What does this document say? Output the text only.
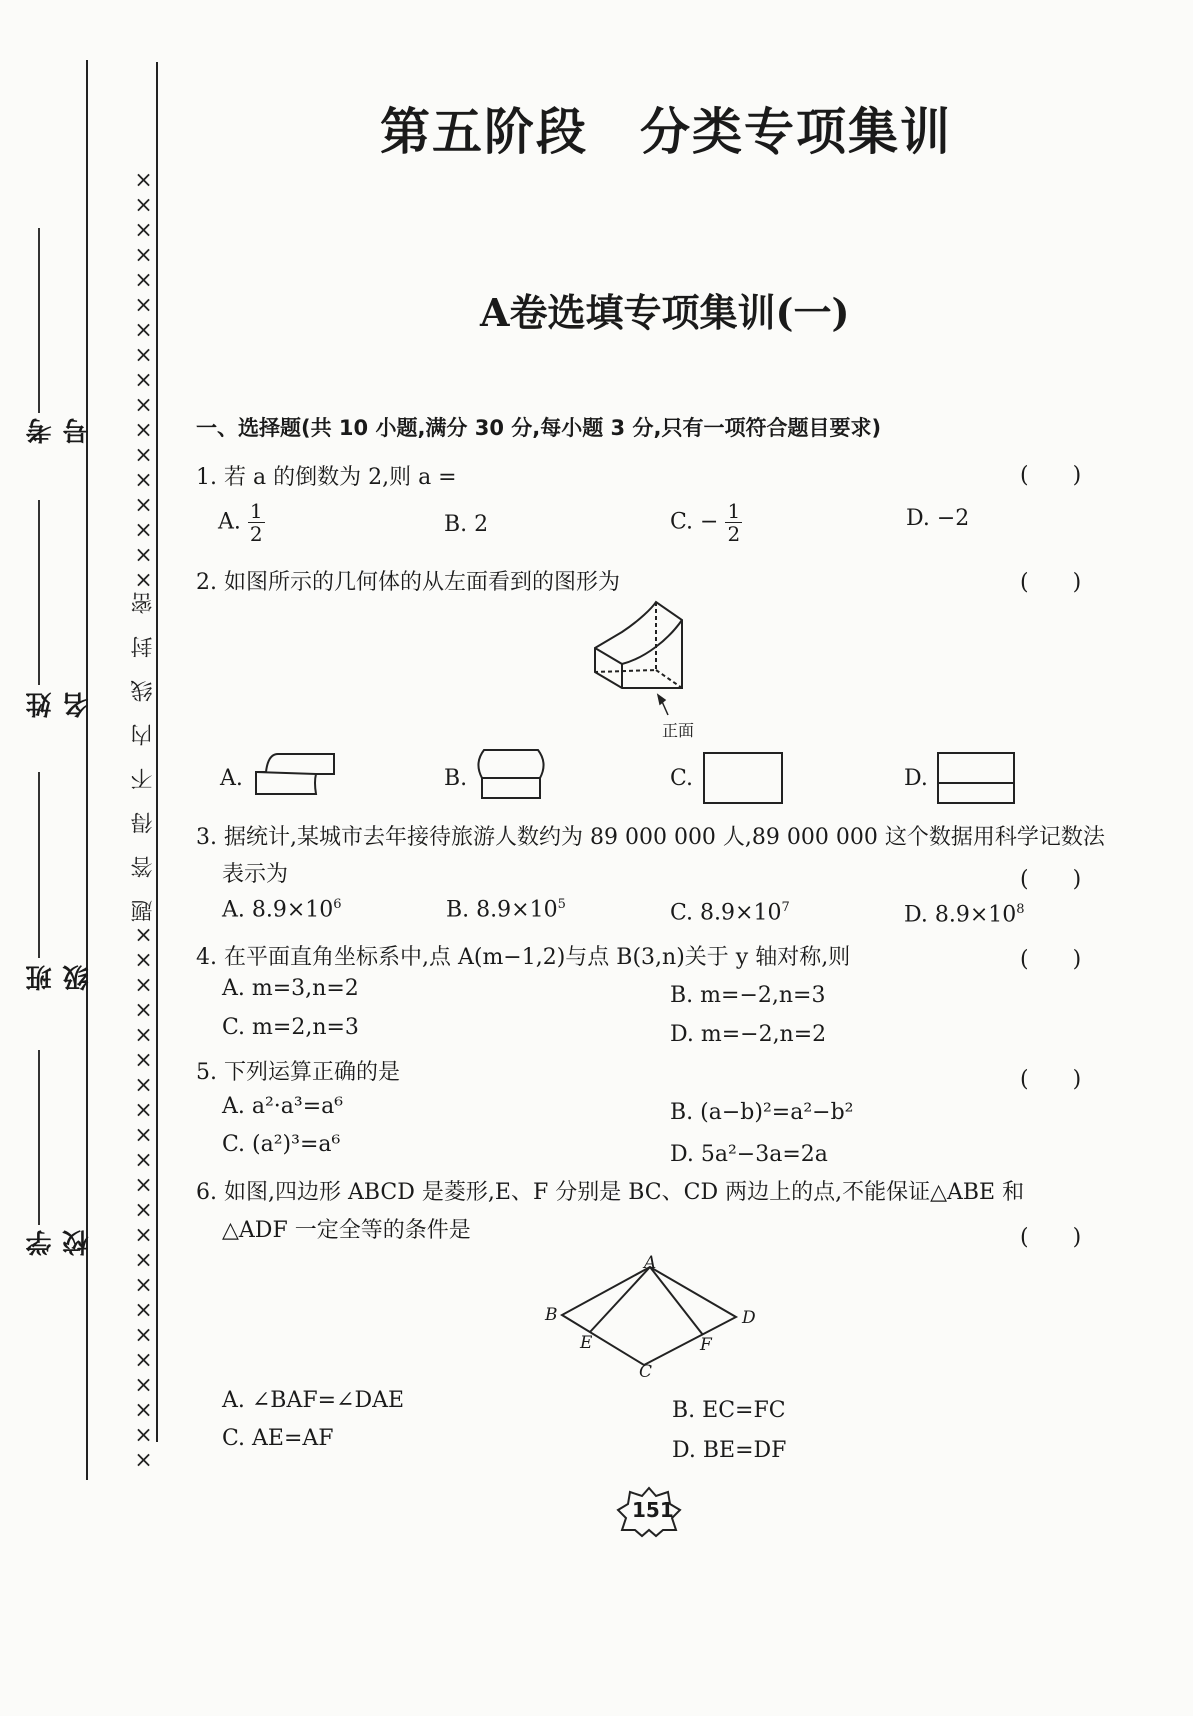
考号
姓名
班级
学校 ××××××××××××××××××××××题　答　得　不　内　线　封　密×××××××××××××××××
第五阶段　分类专项集训
A卷选填专项集训(一)
一、选择题(共 10 小题,满分 30 分,每小题 3 分,只有一项符合题目要求)
1. 若 a 的倒数为 2,则 a =	(　　)
A. $\frac{1}{2}$	B. 2	C. − $\frac{1}{2}$	D. −2
2. 如图所示的几何体的从左面看到的图形为	(　　)
正面
A.	B.	C.	D.
3. 据统计,某城市去年接待旅游人数约为 89 000 000 人,89 000 000 这个数据用科学记数法
表示为	(　　)
A. $8.9\times 10^6$	B. $8.9\times 10^5$	C. $8.9\times 10^7$	D. $8.9\times 10^8$
4. 在平面直角坐标系中,点 A(m−1,2)与点 B(3,n)关于 y 轴对称,则	(　　)
A. m=3,n=2	B. m=−2,n=3
C. m=2,n=3	D. m=−2,n=2
5. 下列运算正确的是	(　　)
A. a²·a³=a⁶	B. (a−b)²=a²−b²
C. (a²)³=a⁶	D. 5a²−3a=2a
6. 如图,四边形 ABCD 是菱形,E、F 分别是 BC、CD 两边上的点,不能保证△ABE 和
△ADF 一定全等的条件是	(　　)
A
B
C
D
E	F
A. ∠BAF=∠DAE	B. EC=FC
C. AE=AF	D. BE=DF
151
